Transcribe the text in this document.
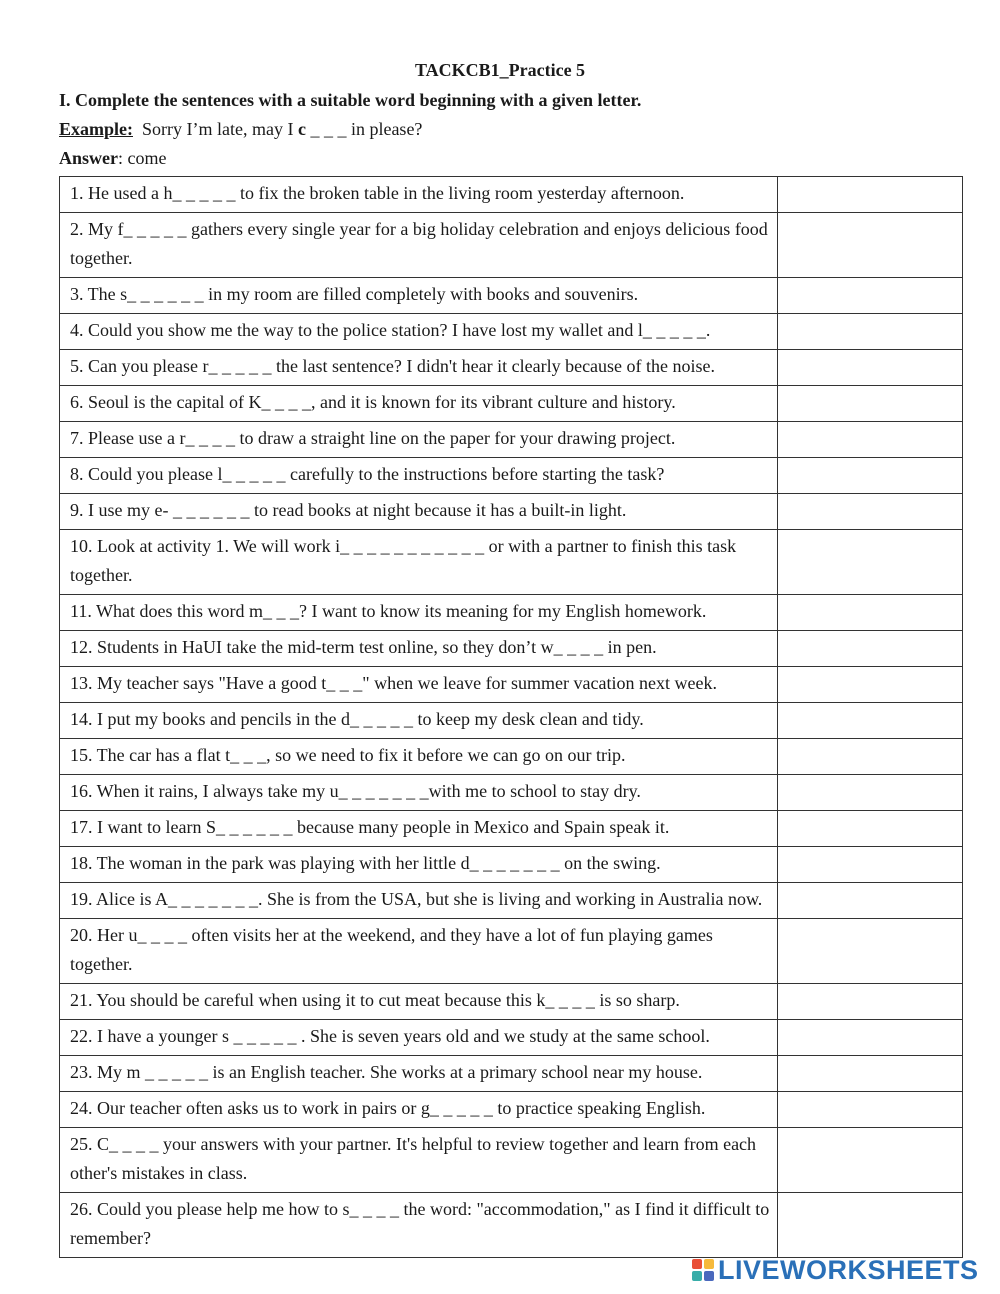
TACKCB1_Practice 5
I. Complete the sentences with a suitable word beginning with a given letter.
Example: Sorry I’m late, may I c _ _ _ in please?
Answer: come
1. He used a h_ _ _ _ _ to fix the broken table in the living room yesterday afternoon.	
2. My f_ _ _ _ _ gathers every single year for a big holiday celebration and enjoys delicious food together.	
3. The s_ _ _ _ _ _ in my room are filled completely with books and souvenirs.	
4. Could you show me the way to the police station? I have lost my wallet and l_ _ _ _ _.	
5. Can you please r_ _ _ _ _ the last sentence? I didn't hear it clearly because of the noise.	
6. Seoul is the capital of K_ _ _ _, and it is known for its vibrant culture and history.	
7. Please use a r_ _ _ _ to draw a straight line on the paper for your drawing project.	
8. Could you please l_ _ _ _ _ carefully to the instructions before starting the task?	
9. I use my e- _ _ _ _ _ _ to read books at night because it has a built-in light.	
10. Look at activity 1. We will work i_ _ _ _ _ _ _ _ _ _ _ or with a partner to finish this task together.	
11. What does this word m_ _ _? I want to know its meaning for my English homework.	
12. Students in HaUI take the mid-term test online, so they don’t w_ _ _ _ in pen.	
13. My teacher says "Have a good t_ _ _" when we leave for summer vacation next week.	
14. I put my books and pencils in the d_ _ _ _ _ to keep my desk clean and tidy.	
15. The car has a flat t_ _ _, so we need to fix it before we can go on our trip.	
16. When it rains, I always take my u_ _ _ _ _ _ _with me to school to stay dry.	
17. I want to learn S_ _ _ _ _ _ because many people in Mexico and Spain speak it.	
18. The woman in the park was playing with her little d_ _ _ _ _ _ _ on the swing.	
19. Alice is A_ _ _ _ _ _ _. She is from the USA, but she is living and working in Australia now.	
20. Her u_ _ _ _ often visits her at the weekend, and they have a lot of fun playing games together.	
21. You should be careful when using it to cut meat because this k_ _ _ _ is so sharp.	
22. I have a younger s _ _ _ _ _ . She is seven years old and we study at the same school.	
23. My m _ _ _ _ _ is an English teacher. She works at a primary school near my house.	
24. Our teacher often asks us to work in pairs or g_ _ _ _ _ to practice speaking English.	
25. C_ _ _ _ your answers with your partner. It's helpful to review together and learn from each other's mistakes in class.	
26. Could you please help me how to s_ _ _ _ the word: "accommodation," as I find it difficult to remember?	
LIVEWORKSHEETS
